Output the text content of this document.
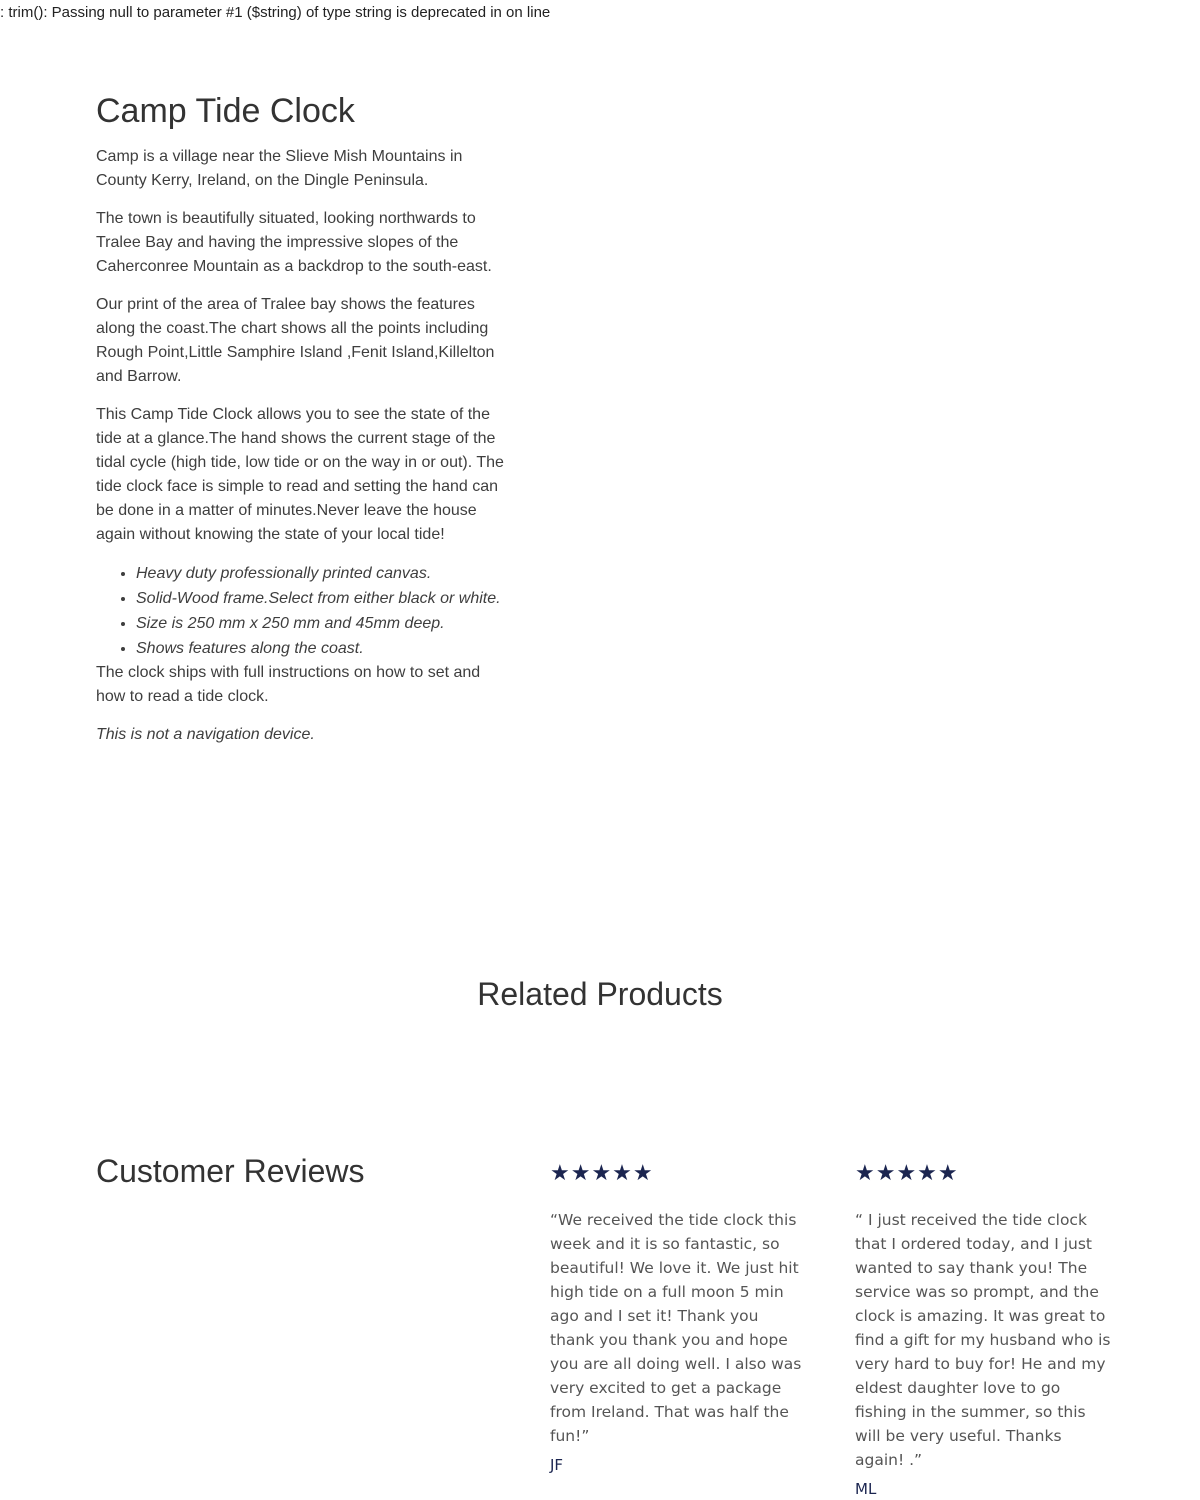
: trim(): Passing null to parameter #1 ($string) of type string is deprecated in on line
Camp Tide Clock

Camp is a village near the Slieve Mish Mountains in County Kerry, Ireland, on the Dingle Peninsula.

The town is beautifully situated, looking northwards to Tralee Bay and having the impressive slopes of the Caherconree Mountain as a backdrop to the south-east.

Our print of the area of Tralee bay shows the features along the coast.The chart shows all the points including Rough Point,Little Samphire Island ,Fenit Island,Killelton and Barrow.

This Camp Tide Clock allows you to see the state of the tide at a glance.The hand shows the current stage of the tidal cycle (high tide, low tide or on the way in or out). The tide clock face is simple to read and setting the hand can be done in a matter of minutes.Never leave the house again without knowing the state of your local tide!

• Heavy duty professionally printed canvas.
• Solid-Wood frame.Select from either black or white.
• Size is 250 mm x 250 mm and 45mm deep.
• Shows features along the coast.

The clock ships with full instructions on how to set and how to read a tide clock.

This is not a navigation device.

Related Products
Customer Reviews	★★★★★

“We received the tide clock this week and it is so fantastic, so beautiful! We love it. We just hit high tide on a full moon 5 min ago and I set it! Thank you thank you thank you and hope you are all doing well. I also was very excited to get a package from Ireland. That was half the fun!”

JF

★★★★★

“ I just received the tide clock that I ordered today, and I just wanted to say thank you! The service was so prompt, and the clock is amazing. It was great to find a gift for my husband who is very hard to buy for! He and my eldest daughter love to go fishing in the summer, so this will be very useful. Thanks again! .”

ML
